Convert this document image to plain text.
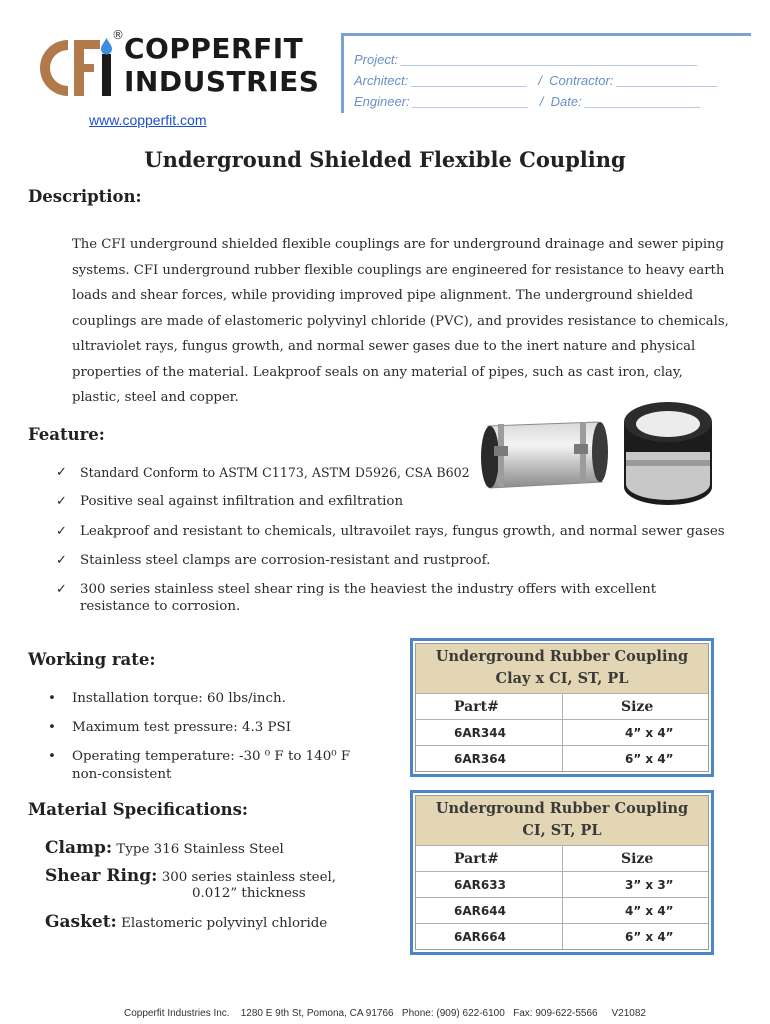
® COPPERFIT
INDUSTRIES
www.copperfit.com
Project: _________________________________________
Architect: ________________   /  Contractor: ______________
Engineer: ________________   /  Date: ________________
Underground Shielded Flexible Coupling
Description:

The CFI underground shielded flexible couplings are for underground drainage and sewer piping systems. CFI underground rubber flexible couplings are engineered for resistance to heavy earth loads and shear forces, while providing improved pipe alignment. The underground shielded couplings are made of elastomeric polyvinyl chloride (PVC), and provides resistance to chemicals, ultraviolet rays, fungus growth, and normal sewer gases due to the inert nature and physical properties of the material. Leakproof seals on any material of pipes, such as cast iron, clay, plastic, steel and copper.

Feature:
✓ Standard Conform to ASTM C1173, ASTM D5926, CSA B602
✓ Positive seal against infiltration and exfiltration
✓ Leakproof and resistant to chemicals, ultravoilet rays, fungus growth, and normal sewer gases
✓ Stainless steel clamps are corrosion-resistant and rustproof.
✓ 300 series stainless steel shear ring is the heaviest the industry offers with excellent resistance to corrosion.
Working rate:
• Installation torque: 60 lbs/inch.
• Maximum test pressure: 4.3 PSI
• Operating temperature: -30 ⁰ F to 140⁰ F non-consistent
Material Specifications:
Clamp: Type 316 Stainless Steel
Shear Ring: 300 series stainless steel,
0.012” thickness
Gasket: Elastomeric polyvinyl chloride
Underground Rubber Coupling
Clay x CI, ST, PL
Part#	Size
6AR344	4” x 4”
6AR364	6” x 4”
Underground Rubber Coupling
CI, ST, PL
Part#	Size
6AR633	3” x 3”
6AR644	4” x 4”
6AR664	6” x 4”
Copperfit Industries Inc.    1280 E 9th St, Pomona, CA 91766   Phone: (909) 622-6100   Fax: 909-622-5566     V21082
